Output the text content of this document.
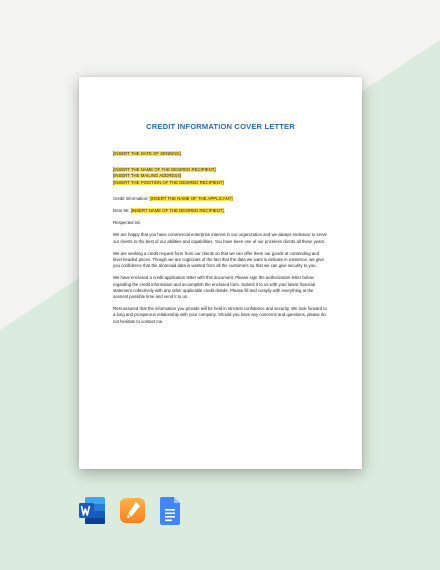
CREDIT INFORMATION COVER LETTER
[INSERT THE DATE OF SENDING]
[INSERT THE NAME OF THE DESIRED RECIPIENT]
[INSERT THE MAILING ADDRESS]
[INSERT THE POSITION OF THE DESIRED RECIPIENT]
Credit Information: [INSERT THE NAME OF THE APPLICANT]
Dear Mr. [INSERT NAME OF THE DESIRED RECIPIENT],
Respected Sir,
We are happy that you have commercial enterprise interest in our organization and we always endeavor to serve our clients to the best of our abilities and capabilities. You have been one of our priceless clients all these years.
We are seeking a credit request form from our clients so that we can offer them our goods at contending and level headed prices. Though we are cognizant of the fact that the data we want is delicate in existence, we give you confidence that the aforesaid data is wanted from all the customers so that we can give security to you.
We have enclosed a credit application letter with this document. Please sign the authorization letter below regarding the credit information and accomplish the enclosed form. Submit it to us with your latest financial statement collectively with any other applicable credit details. Please fill and comply with everything at the soonest possible time and send it to us.
Rest assured that the information you provide will be held in strictest confidence and security. We look forward to a long and prosperous relationship with your company. Should you have any concerns and questions, please do not hesitate to contact me.
